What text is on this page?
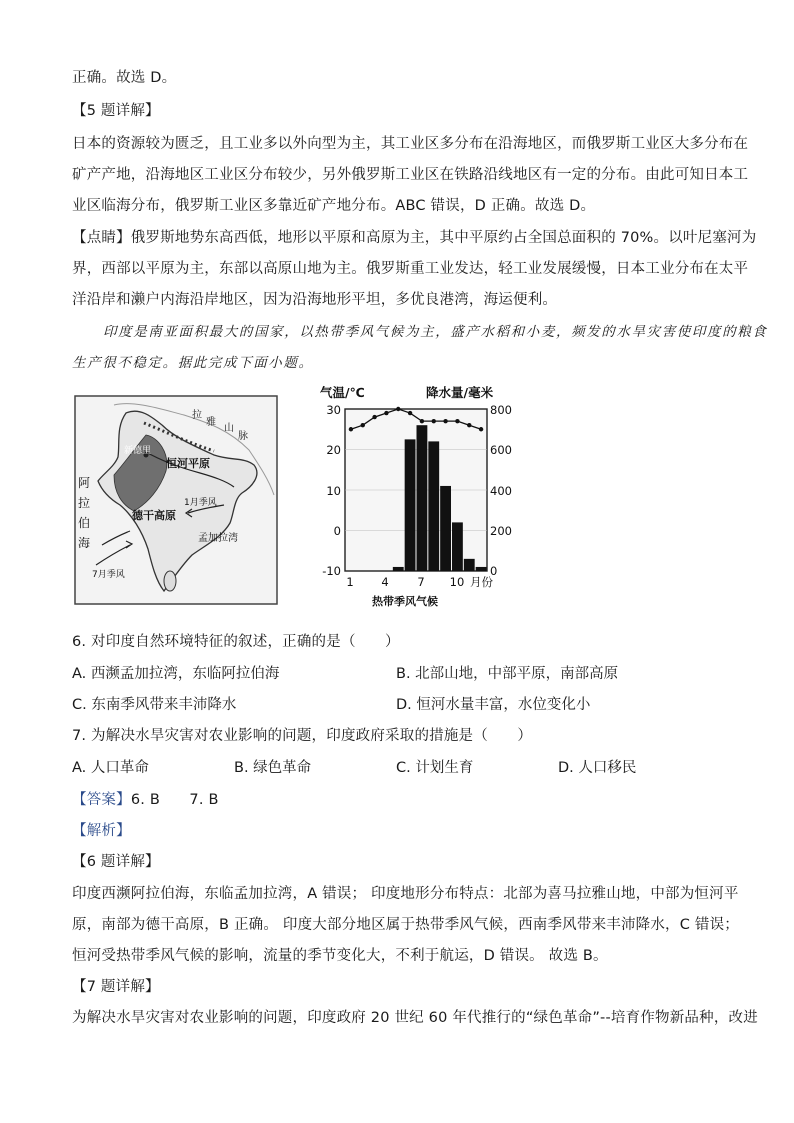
正确。故选 D。
【5 题详解】
日本的资源较为匮乏，且工业多以外向型为主，其工业区多分布在沿海地区，而俄罗斯工业区大多分布在
矿产产地，沿海地区工业区分布较少，另外俄罗斯工业区在铁路沿线地区有一定的分布。由此可知日本工
业区临海分布，俄罗斯工业区多靠近矿产地分布。ABC 错误，D 正确。故选 D。
【点睛】俄罗斯地势东高西低，地形以平原和高原为主，其中平原约占全国总面积的 70%。以叶尼塞河为
界，西部以平原为主，东部以高原山地为主。俄罗斯重工业发达，轻工业发展缓慢，日本工业分布在太平
洋沿岸和濑户内海沿岸地区，因为沿海地形平坦，多优良港湾，海运便利。
印度是南亚面积最大的国家，以热带季风气候为主，盛产水稻和小麦，频发的水旱灾害使印度的粮食
生产很不稳定。据此完成下面小题。
拉
雅
山
脉
新德里
恒河平原
阿
拉
伯
海
德干高原
1月季风
7月季风
孟加拉湾
气温/℃	降水量/毫米
30
20
10
0
-10
800
600
400
200
0
1 4 7 10 月份
热带季风气候
6. 对印度自然环境特征的叙述，正确的是（　　）
A. 西濒孟加拉湾，东临阿拉伯海	B. 北部山地，中部平原，南部高原
C. 东南季风带来丰沛降水	D. 恒河水量丰富，水位变化小
7. 为解决水旱灾害对农业影响的问题，印度政府采取的措施是（　　）
A. 人口革命	B. 绿色革命	C. 计划生育	D. 人口移民
【答案】6. B　　7. B
【解析】
【6 题详解】
印度西濒阿拉伯海，东临孟加拉湾，A 错误； 印度地形分布特点：北部为喜马拉雅山地，中部为恒河平
原，南部为德干高原，B 正确。 印度大部分地区属于热带季风气候，西南季风带来丰沛降水，C 错误；
恒河受热带季风气候的影响，流量的季节变化大，不利于航运，D 错误。 故选 B。
【7 题详解】
为解决水旱灾害对农业影响的问题，印度政府 20 世纪 60 年代推行的“绿色革命”--培育作物新品种，改进
